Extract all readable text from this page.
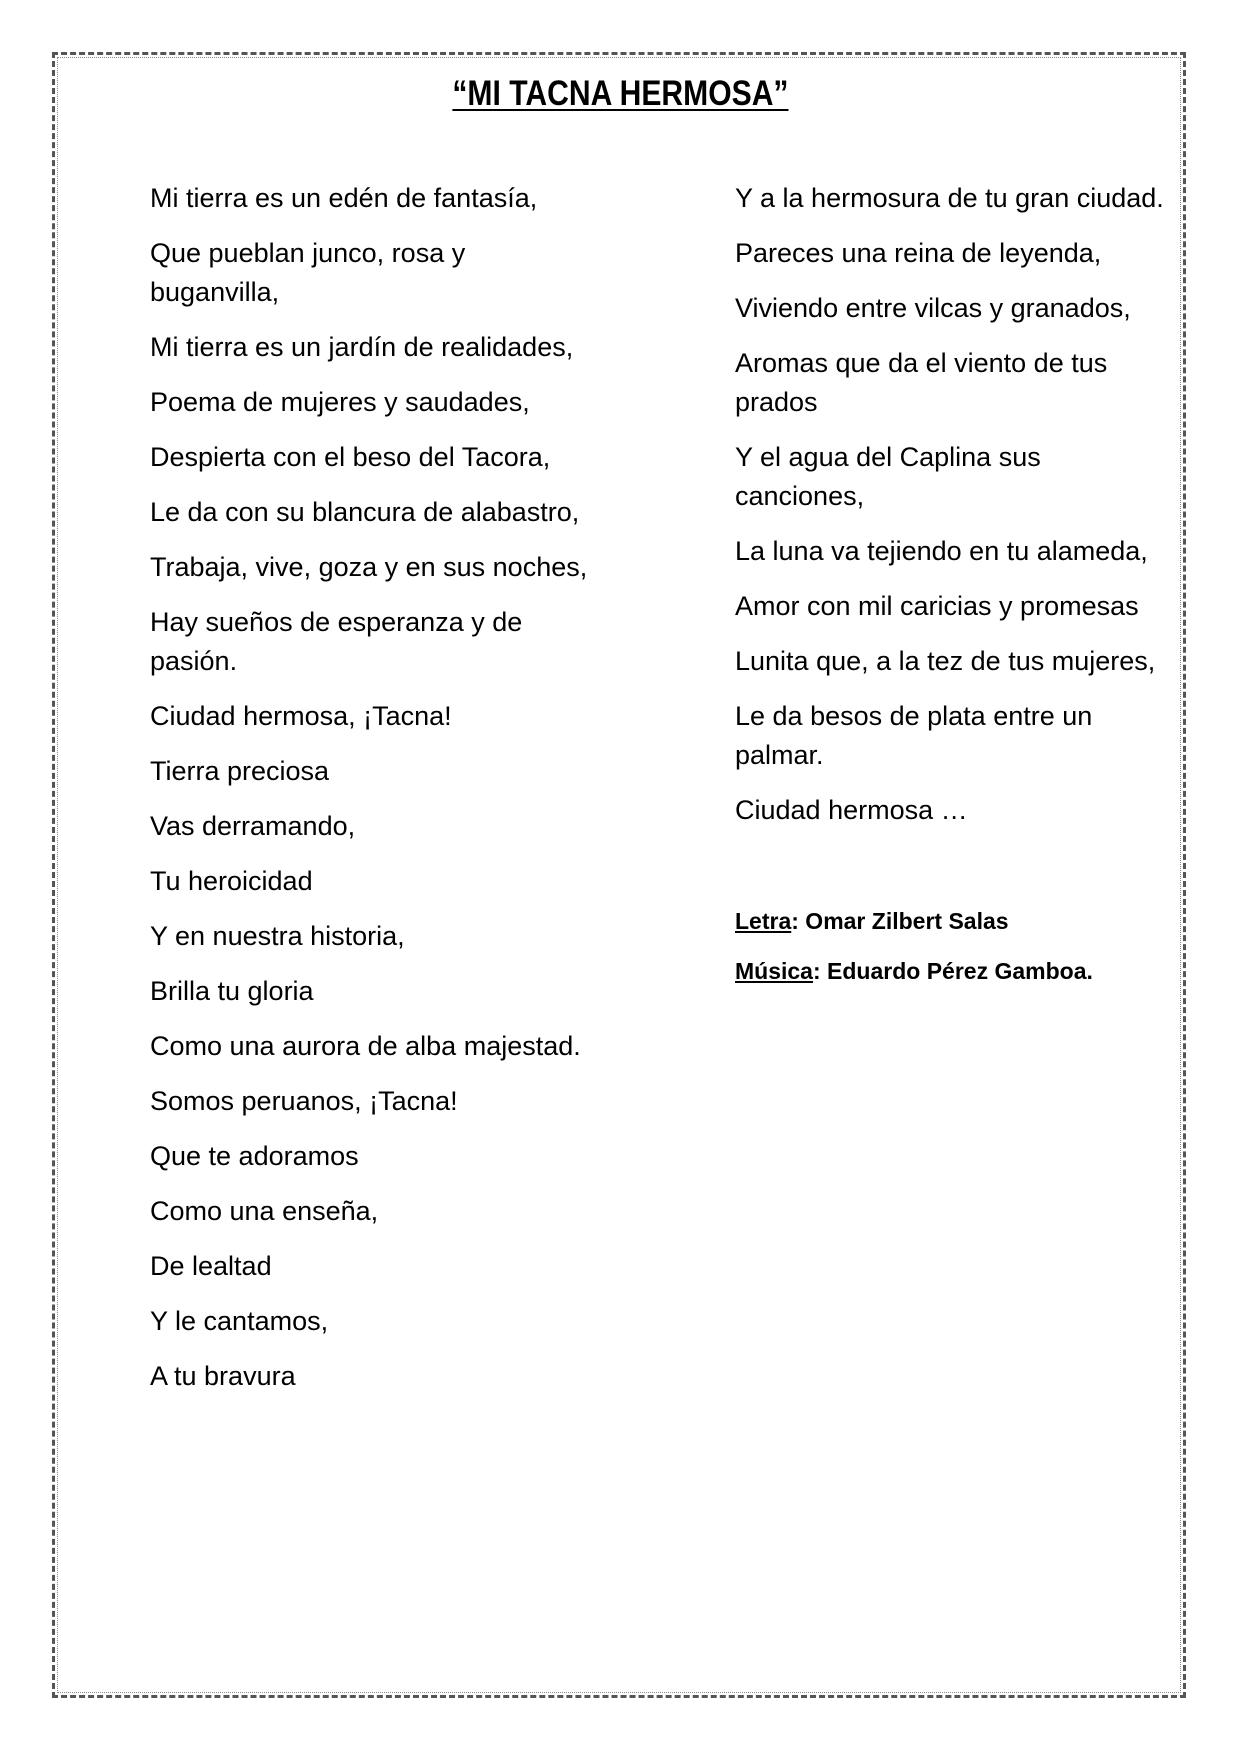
“MI TACNA HERMOSA”
Mi tierra es un edén de fantasía,
Que pueblan junco, rosa y buganvilla,
Mi tierra es un jardín de realidades,
Poema de mujeres y saudades,
Despierta con el beso del Tacora,
Le da con su blancura de alabastro,
Trabaja, vive, goza y en sus noches,
Hay sueños de esperanza y de pasión.
Ciudad hermosa, ¡Tacna!
Tierra preciosa
Vas derramando,
Tu heroicidad
Y en nuestra historia,
Brilla tu gloria
Como una aurora de alba majestad.
Somos peruanos, ¡Tacna!
Que te adoramos
Como una enseña,
De lealtad
Y le cantamos,
A tu bravura
Y a la hermosura de tu gran ciudad.
Pareces una reina de leyenda,
Viviendo entre vilcas y granados,
Aromas que da el viento de tus prados
Y el agua del Caplina sus canciones,
La luna va tejiendo en tu alameda,
Amor con mil caricias y promesas
Lunita que, a la tez de tus mujeres,
Le da besos de plata entre un palmar.
Ciudad hermosa …
Letra: Omar Zilbert Salas
Música: Eduardo Pérez Gamboa.
